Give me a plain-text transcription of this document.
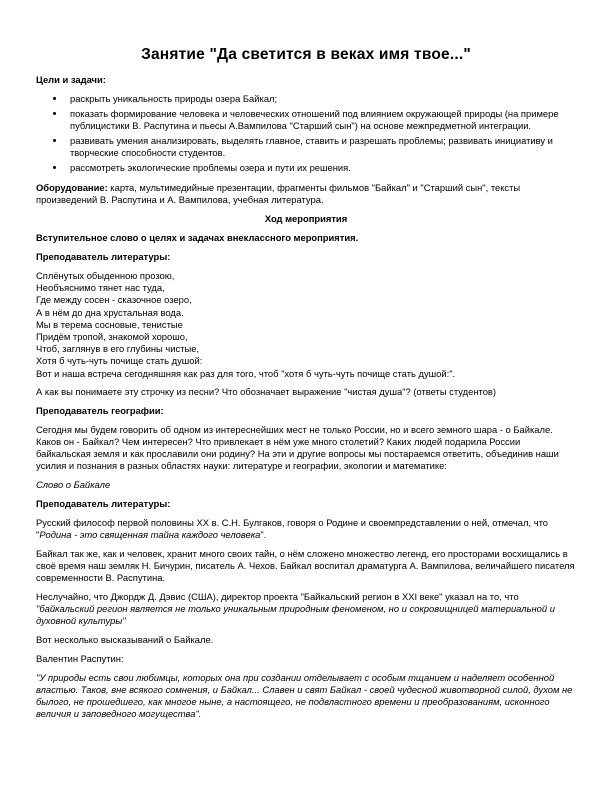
Занятие "Да светится в веках имя твое..."

Цели и задачи:

• раскрыть уникальность природы озера Байкал;
• показать формирование человека и человеческих отношений под влиянием окружающей природы (на примере публицистики В. Распутина и пьесы А.Вампилова "Старший сын") на основе межпредметной интеграции.
• развивать умения анализировать, выделять главное, ставить и разрешать проблемы; развивать инициативу и творческие способности студентов.
• рассмотреть экологические проблемы озера и пути их решения.

Оборудование: карта, мультимедийные презентации, фрагменты фильмов "Байкал" и "Старший сын", тексты произведений В. Распутина и А. Вампилова, учебная литература.

Ход мероприятия

Вступительное слово о целях и задачах внеклассного мероприятия.

Преподаватель литературы:

Сплёнутых обыденною прозою,
Необъяснимо тянет нас туда,
Где между сосен - сказочное озеро,
А в нём до дна хрустальная вода.
Мы в терема сосновые, тенистые
Придём тропой, знакомой хорошо,
Чтоб, заглянув в его глубины чистые,
Хотя б чуть-чуть почище стать душой:
Вот и наша встреча сегодняшняя как раз для того, чтоб "хотя б чуть-чуть почище стать душой:".

А как вы понимаете эту строчку из песни? Что обозначает выражение "чистая душа"? (ответы студентов)

Преподаватель географии:

Сегодня мы будем говорить об одном из интереснейших мест не только России, но и всего земного шара - о Байкале. Каков он - Байкал? Чем интересен? Что привлекает в нём уже много столетий? Каких людей подарила России байкальская земля и как прославили они родину? На эти и другие вопросы мы постараемся ответить, объединив наши усилия и познания в разных областях науки: литературе и географии, экологии и математике:

Слово о Байкале

Преподаватель литературы:

Русский философ первой половины XX в. С.Н. Булгаков, говоря о Родине и своемпредставлении о ней, отмечал, что "Родина - это священная тайна каждого человека".

Байкал так же, как и человек, хранит много своих тайн, о нём сложено множество легенд, его просторами восхищались в своё время наш земляк Н. Бичурин, писатель А. Чехов. Байкал воспитал драматурга А. Вампилова, величайшего писателя современности В. Распутина.

Неслучайно, что Джордж Д. Дэвис (США), директор проекта "Байкальский регион в XXI веке" указал на то, что "байкальский регион является не только уникальным природным феноменом, но и сокровищницей материальной и духовной культуры"

Вот несколько высказываний о Байкале.

Валентин Распутин:

"У природы есть свои любимцы, которых она при создании отделывает с особым тщанием и наделяет особенной властью. Таков, вне всякого сомнения, и Байкал... Славен и свят Байкал - своей чудесной животворной силой, духом не былого, не прошедшего, как многое ныне, а настоящего, не подвластного времени и преобразованиям, исконного величия и заповедного могущества".
